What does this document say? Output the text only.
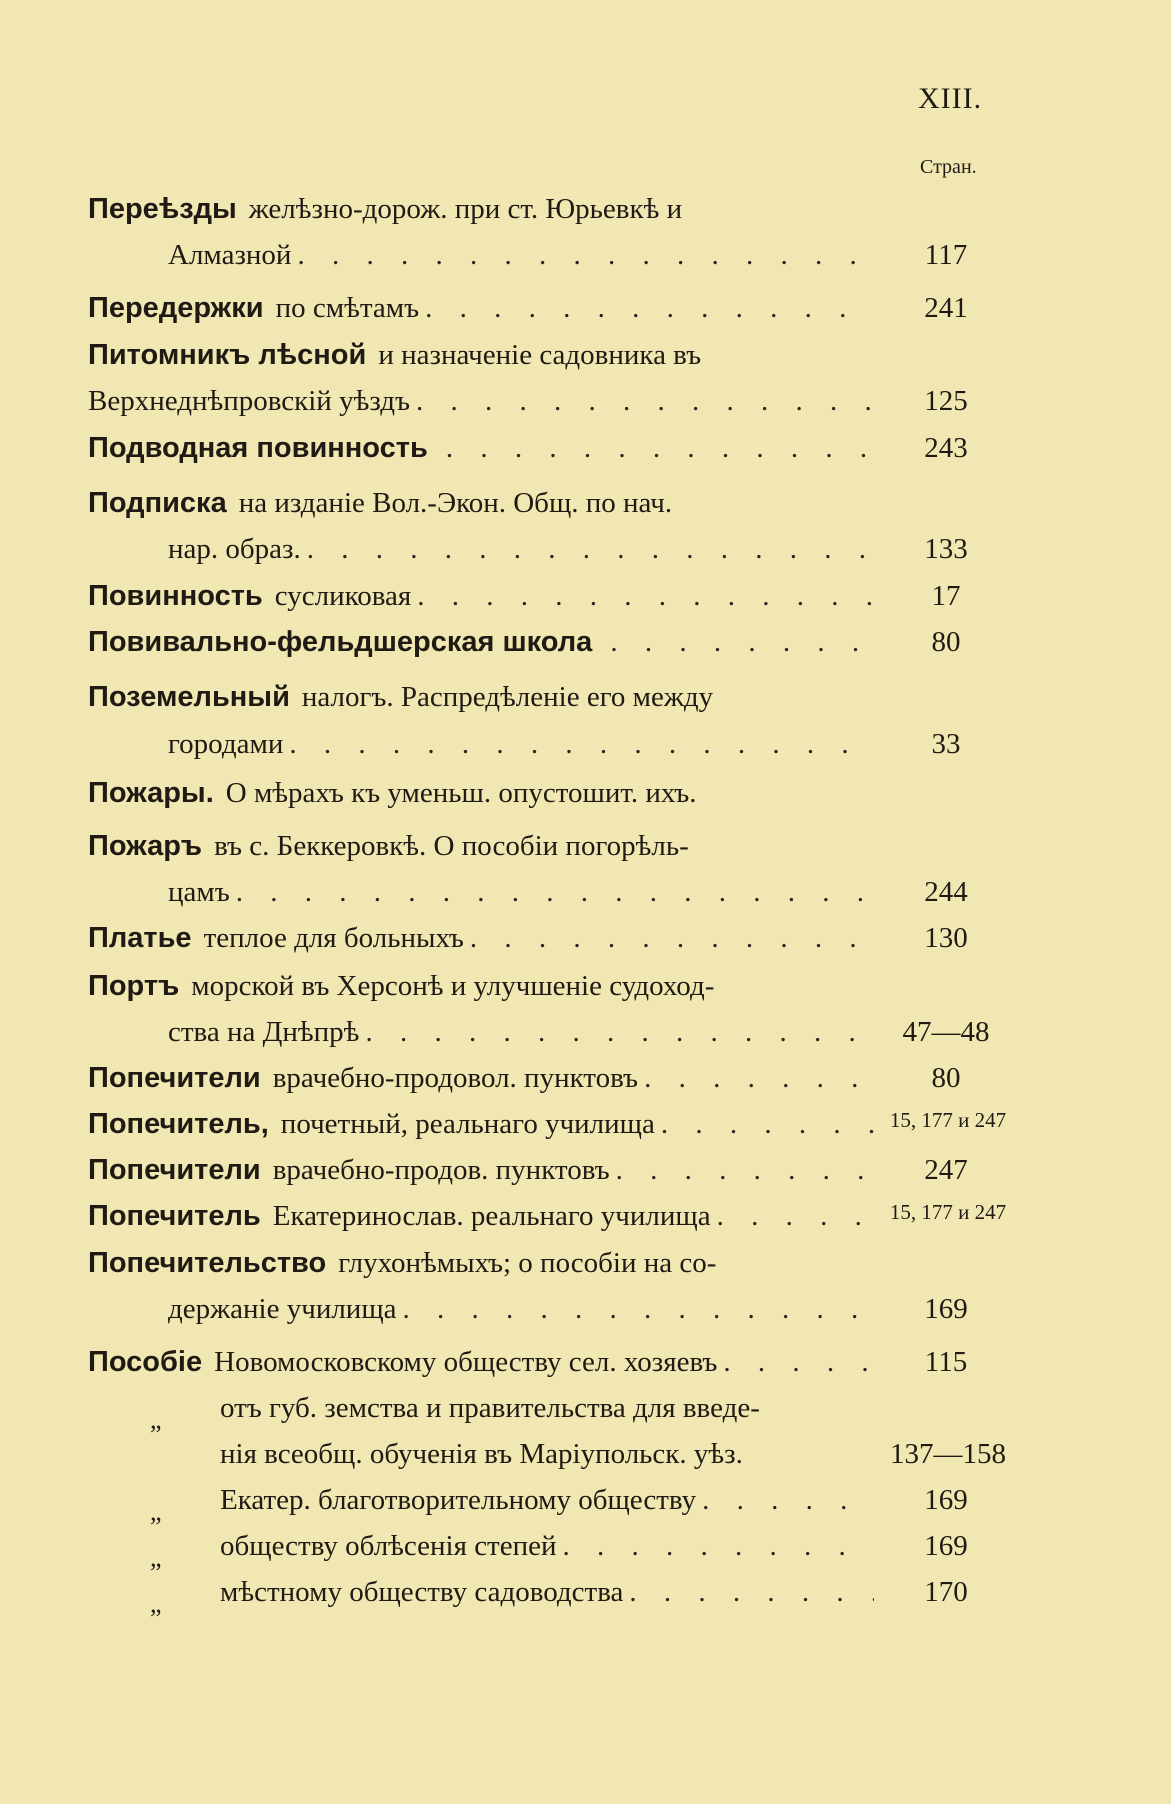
XIII.
Стран.
Переѣзды желѣзно-дорож. при ст. Юрьевкѣ и
Алмазной . . .	117
Передержки по смѣтамъ . . .	241
Питомникъ лѣсной и назначеніе садовника въ
Верхнеднѣпровскій уѣздъ . . .	125
Подводная повинность . . .	243
Подписка на изданіе Вол.-Экон. Общ. по нач.
нар. образ. . . .	133
Повинность сусликовая . . .	17
Повивально-фельдшерская школа . . .	80
Поземельный налогъ. Распредѣленіе его между
городами . . .	33
Пожары. О мѣрахъ къ уменьш. опустошит. ихъ.
Пожаръ въ с. Беккеровкѣ. О пособіи погорѣль-
цамъ . . .	244
Платье теплое для больныхъ . . .	130
Портъ морской въ Херсонѣ и улучшеніе судоход-
ства на Днѣпрѣ . . .	47—48
Попечители врачебно-продовол. пунктовъ . . .	80
Попечитель, почетный, реальнаго училища . . .	15, 177 и 247
Попечители врачебно-продов. пунктовъ . . .	247
Попечитель Екатеринослав. реальнаго училища . . .	15, 177 и 247
Попечительство глухонѣмыхъ; о пособіи на со-
держаніе училища . . .	169
Пособіе Новомосковскому обществу сел. хозяевъ . . .	115
„ отъ губ. земства и правительства для введе-
нія всеобщ. обученія въ Маріупольск. уѣз.	137—158
„ Екатер. благотворительному обществу . . .	169
„ обществу облѣсенія степей . . .	169
„ мѣстному обществу садоводства . . .	170
